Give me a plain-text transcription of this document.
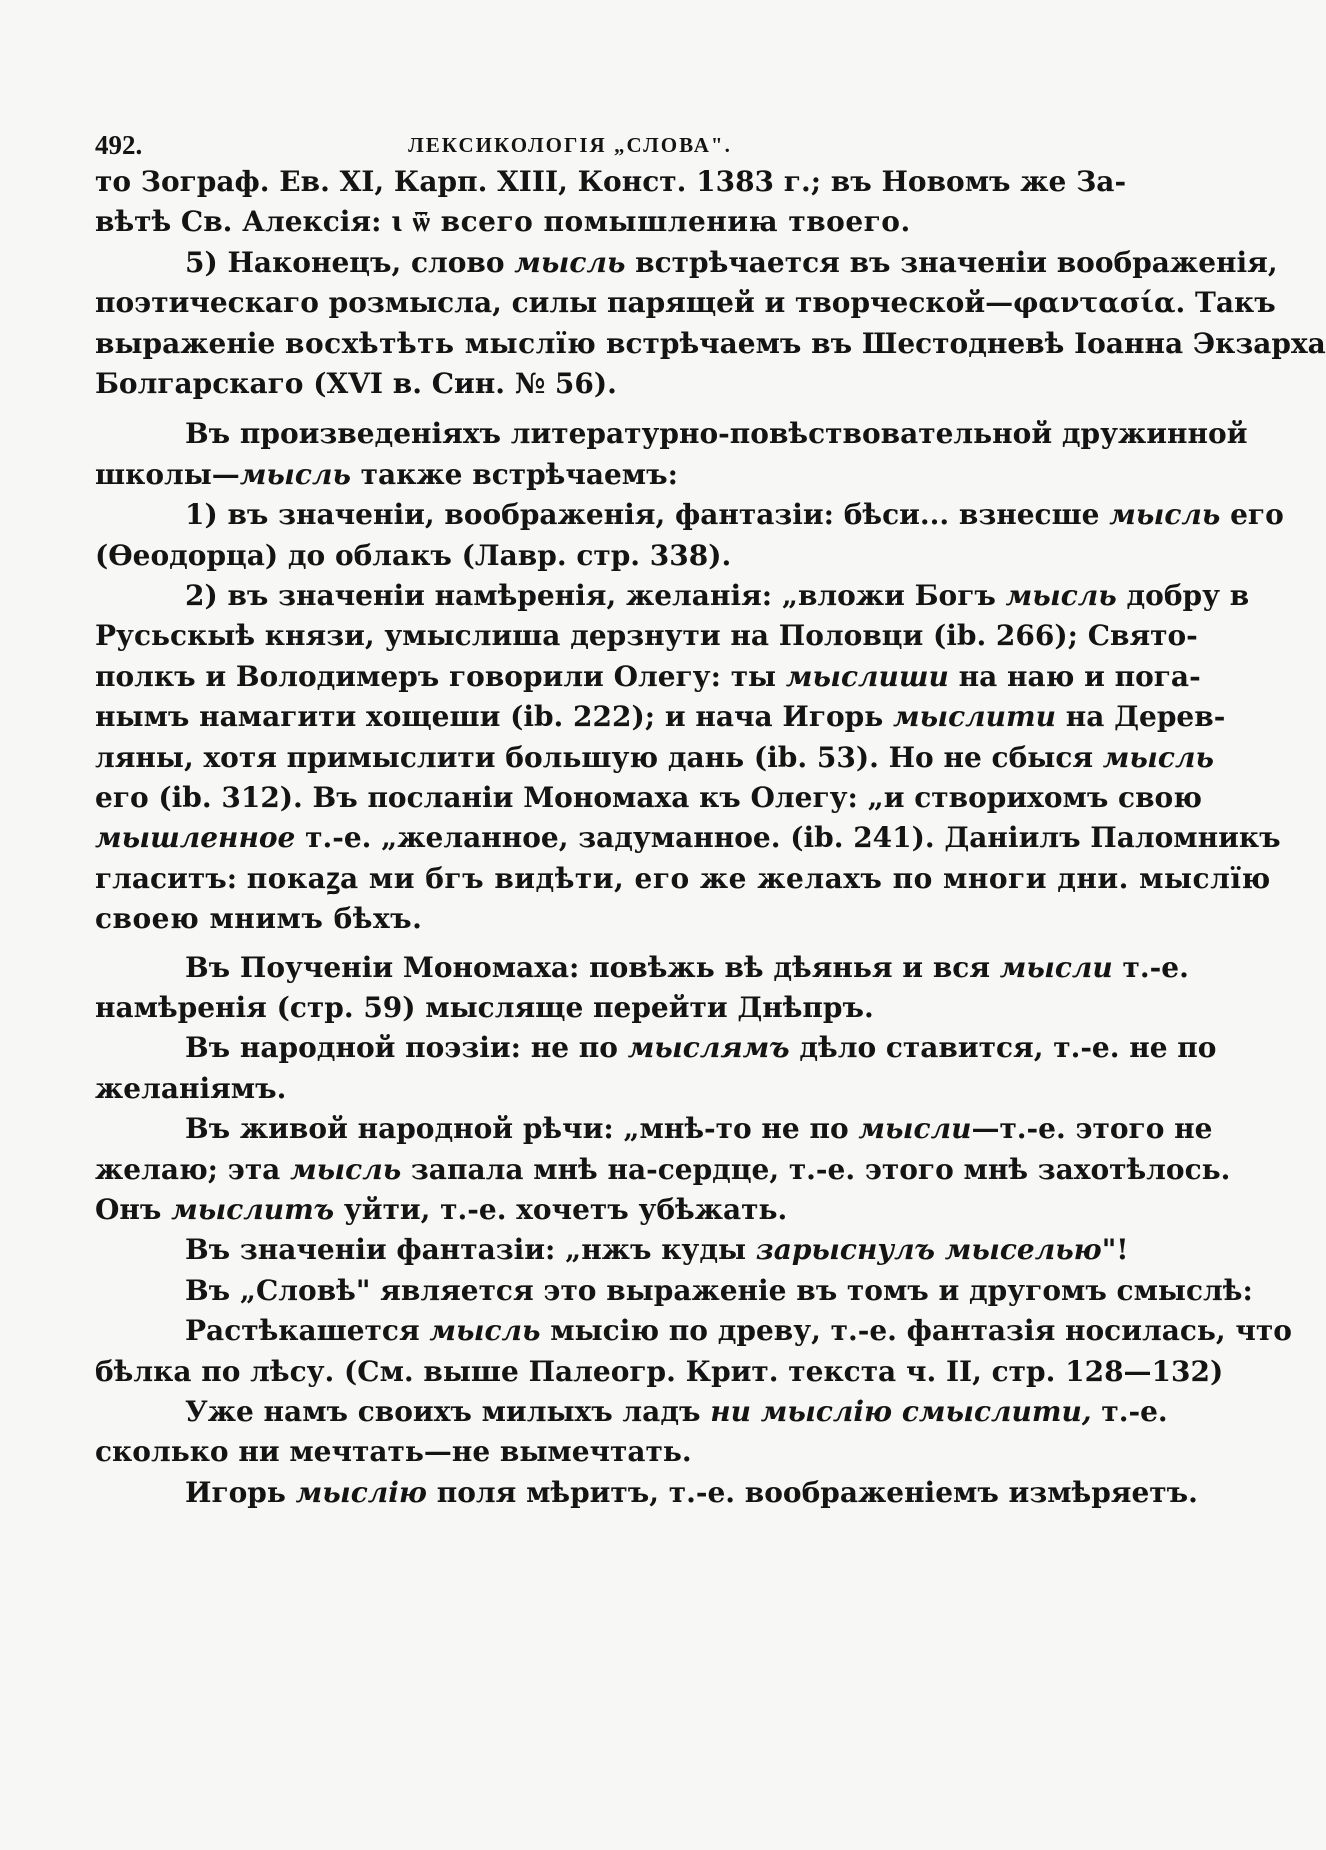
492.	ЛЕКСИКОЛОГІЯ „СЛОВА".
то Зограф. Ев. XI, Карп. XIII, Конст. 1383 г.; въ Новомъ же За-
вѣтѣ Св. Алексія: ꙇ ѿ всего помышлениꙗ твоего.
5) Наконецъ, слово мысль встрѣчается въ значеніи воображенія,
поэтическаго розмысла, силы парящей и творческой—φαντασία. Такъ
выраженіе восхѣтѣть мыслїю встрѣчаемъ въ Шестодневѣ Іоанна Экзарха
Болгарскаго (XVI в. Син. № 56).
Въ произведеніяхъ литературно-повѣствовательной дружинной
школы—мысль также встрѣчаемъ:
1) въ значеніи, воображенія, фантазіи: бѣси... взнесше мысль его
(Ѳеодорца) до облакъ (Лавр. стр. 338).
2) въ значеніи намѣренія, желанія: „вложи Богъ мысль добру в
Русьскыѣ князи, умыслиша дерзнути на Половци (ib. 266); Свято-
полкъ и Володимеръ говорили Олегу: ты мыслиши на наю и пога-
нымъ намагити хощеши (ib. 222); и нача Игорь мыслити на Дерев-
ляны, хотя примыслити большую дань (ib. 53). Но не сбыся мысль
его (ib. 312). Въ посланіи Мономаха къ Олегу: „и створихомъ свою
мышленное т.-е. „желанное, задуманное. (ib. 241). Даніилъ Паломникъ
гласитъ: покаꙁа ми бгъ видѣти, его же желахъ по многи дни. мыслїю
своею мнимъ бѣхъ.
Въ Поученіи Мономаха: повѣжь вѣ дѣянья и вся мысли т.-е.
намѣренія (стр. 59) мысляще перейти Днѣпръ.
Въ народной поэзіи: не по мыслямъ дѣло ставится, т.-е. не по
желаніямъ.
Въ живой народной рѣчи: „мнѣ-то не по мысли—т.-е. этого не
желаю; эта мысль запала мнѣ на-сердце, т.-е. этого мнѣ захотѣлось.
Онъ мыслитъ уйти, т.-е. хочетъ убѣжать.
Въ значеніи фантазіи: „нжъ куды зарыснулъ мыселью"!
Въ „Словѣ" является это выраженіе въ томъ и другомъ смыслѣ:
Растѣкашется мысль мысію по древу, т.-е. фантазія носилась, что
бѣлка по лѣсу. (См. выше Палеогр. Крит. текста ч. II, стр. 128—132)
Уже намъ своихъ милыхъ ладъ ни мыслію смыслити, т.-е.
сколько ни мечтать—не вымечтать.
Игорь мыслію поля мѣритъ, т.-е. воображеніемъ измѣряетъ.
